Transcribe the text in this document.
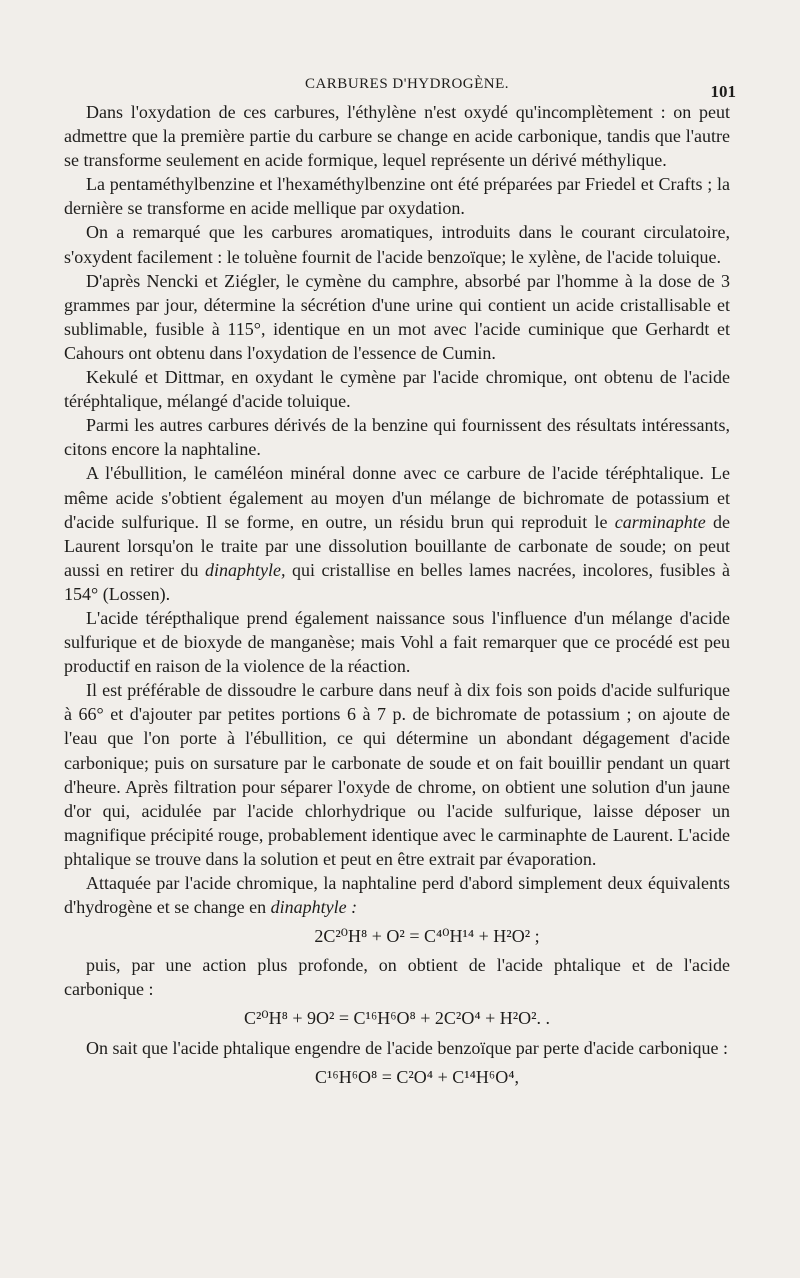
CARBURES D'HYDROGÈNE.	101

Dans l'oxydation de ces carbures, l'éthylène n'est oxydé qu'incomplètement : on peut admettre que la première partie du carbure se change en acide carbonique, tandis que l'autre se transforme seulement en acide formique, lequel représente un dérivé méthylique.

La pentaméthylbenzine et l'hexaméthylbenzine ont été préparées par Friedel et Crafts ; la dernière se transforme en acide mellique par oxydation.

On a remarqué que les carbures aromatiques, introduits dans le courant circulatoire, s'oxydent facilement : le toluène fournit de l'acide benzoïque; le xylène, de l'acide toluique.

D'après Nencki et Ziégler, le cymène du camphre, absorbé par l'homme à la dose de 3 grammes par jour, détermine la sécrétion d'une urine qui contient un acide cristallisable et sublimable, fusible à 115°, identique en un mot avec l'acide cuminique que Gerhardt et Cahours ont obtenu dans l'oxydation de l'essence de Cumin.

Kekulé et Dittmar, en oxydant le cymène par l'acide chromique, ont obtenu de l'acide téréphtalique, mélangé d'acide toluique.

Parmi les autres carbures dérivés de la benzine qui fournissent des résultats intéressants, citons encore la naphtaline.

A l'ébullition, le caméléon minéral donne avec ce carbure de l'acide téréphtalique. Le même acide s'obtient également au moyen d'un mélange de bichromate de potassium et d'acide sulfurique. Il se forme, en outre, un résidu brun qui reproduit le carminaphte de Laurent lorsqu'on le traite par une dissolution bouillante de carbonate de soude; on peut aussi en retirer du dinaphtyle, qui cristallise en belles lames nacrées, incolores, fusibles à 154° (Lossen).

L'acide térépthalique prend également naissance sous l'influence d'un mélange d'acide sulfurique et de bioxyde de manganèse; mais Vohl a fait remarquer que ce procédé est peu productif en raison de la violence de la réaction.

Il est préférable de dissoudre le carbure dans neuf à dix fois son poids d'acide sulfurique à 66° et d'ajouter par petites portions 6 à 7 p. de bichromate de potassium ; on ajoute de l'eau que l'on porte à l'ébullition, ce qui détermine un abondant dégagement d'acide carbonique; puis on sursature par le carbonate de soude et on fait bouillir pendant un quart d'heure. Après filtration pour séparer l'oxyde de chrome, on obtient une solution d'un jaune d'or qui, acidulée par l'acide chlorhydrique ou l'acide sulfurique, laisse déposer un magnifique précipité rouge, probablement identique avec le carminaphte de Laurent. L'acide phtalique se trouve dans la solution et peut en être extrait par évaporation.

Attaquée par l'acide chromique, la naphtaline perd d'abord simplement deux équivalents d'hydrogène et se change en dinaphtyle :

2C²⁰H⁸ + O² = C⁴⁰H¹⁴ + H²O² ;

puis, par une action plus profonde, on obtient de l'acide phtalique et de l'acide carbonique :

C²⁰H⁸ + 9O² = C¹⁶H⁶O⁸ + 2C²O⁴ + H²O². .

On sait que l'acide phtalique engendre de l'acide benzoïque par perte d'acide carbonique :

C¹⁶H⁶O⁸ = C²O⁴ + C¹⁴H⁶O⁴,
